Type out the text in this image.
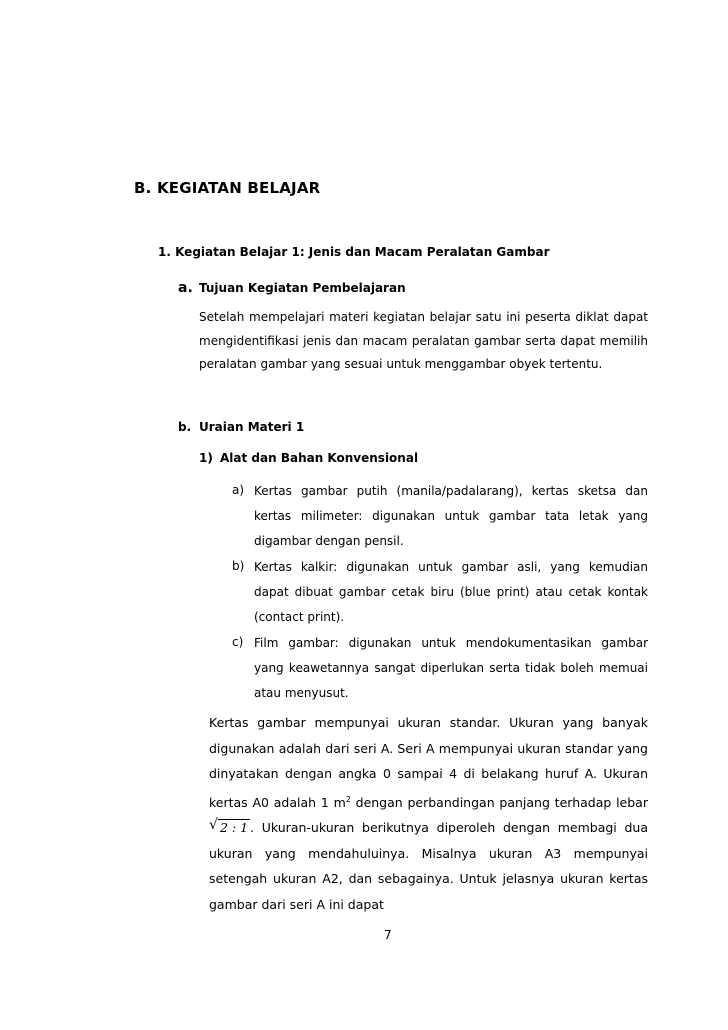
B. KEGIATAN BELAJAR
1. Kegiatan Belajar 1: Jenis dan Macam Peralatan Gambar
a. Tujuan Kegiatan Pembelajaran
Setelah mempelajari materi kegiatan belajar satu ini peserta diklat dapat mengidentifikasi jenis dan macam peralatan gambar serta dapat memilih peralatan gambar yang sesuai untuk menggambar obyek tertentu.
b. Uraian Materi 1
1) Alat dan Bahan Konvensional
a) Kertas gambar putih (manila/padalarang), kertas sketsa dan kertas milimeter: digunakan untuk gambar tata letak yang digambar dengan pensil.
b) Kertas kalkir: digunakan untuk gambar asli, yang kemudian dapat dibuat gambar cetak biru (blue print) atau cetak kontak (contact print).
c) Film gambar: digunakan untuk mendokumentasikan gambar yang keawetannya sangat diperlukan serta tidak boleh memuai atau menyusut.
Kertas gambar mempunyai ukuran standar. Ukuran yang banyak digunakan adalah dari seri A. Seri A mempunyai ukuran standar yang dinyatakan dengan angka 0 sampai 4 di belakang huruf A. Ukuran kertas A0 adalah 1 $m^2$ dengan perbandingan panjang terhadap lebar
√ 2 : 1 . Ukuran-ukuran berikutnya diperoleh dengan membagi dua ukuran yang mendahuluinya. Misalnya ukuran A3 mempunyai setengah ukuran A2, dan sebagainya. Untuk jelasnya ukuran kertas gambar dari seri A ini dapat
7
